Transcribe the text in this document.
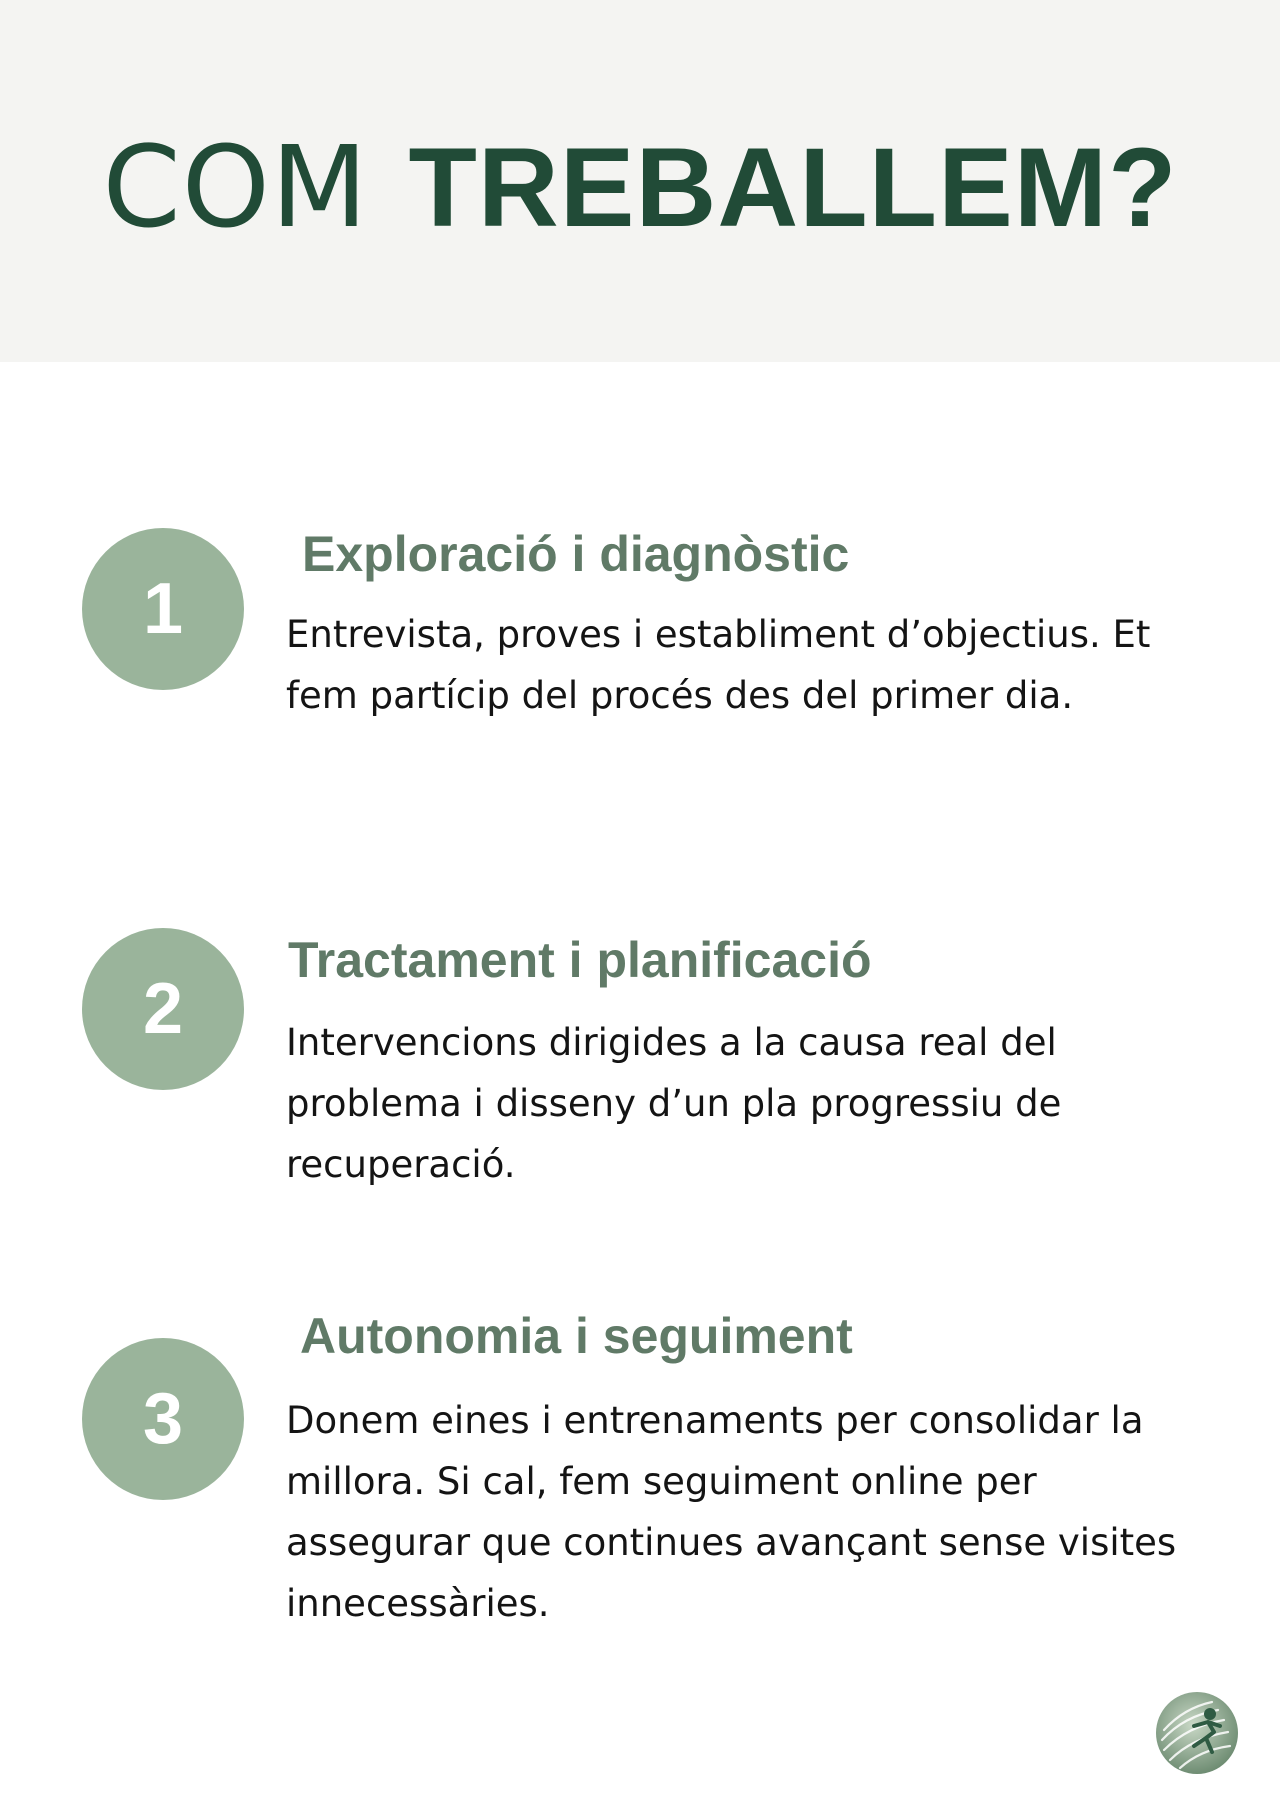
COM TREBALLEM?
1
Exploració i diagnòstic

Entrevista, proves i establiment d’objectius. Et
fem partícip del procés des del primer dia.

2
Tractament i planificació

Intervencions dirigides a la causa real del
problema i disseny d’un pla progressiu de
recuperació.

3
Autonomia i seguiment

Donem eines i entrenaments per consolidar la
millora. Si cal, fem seguiment online per
assegurar que continues avançant sense visites
innecessàries.
